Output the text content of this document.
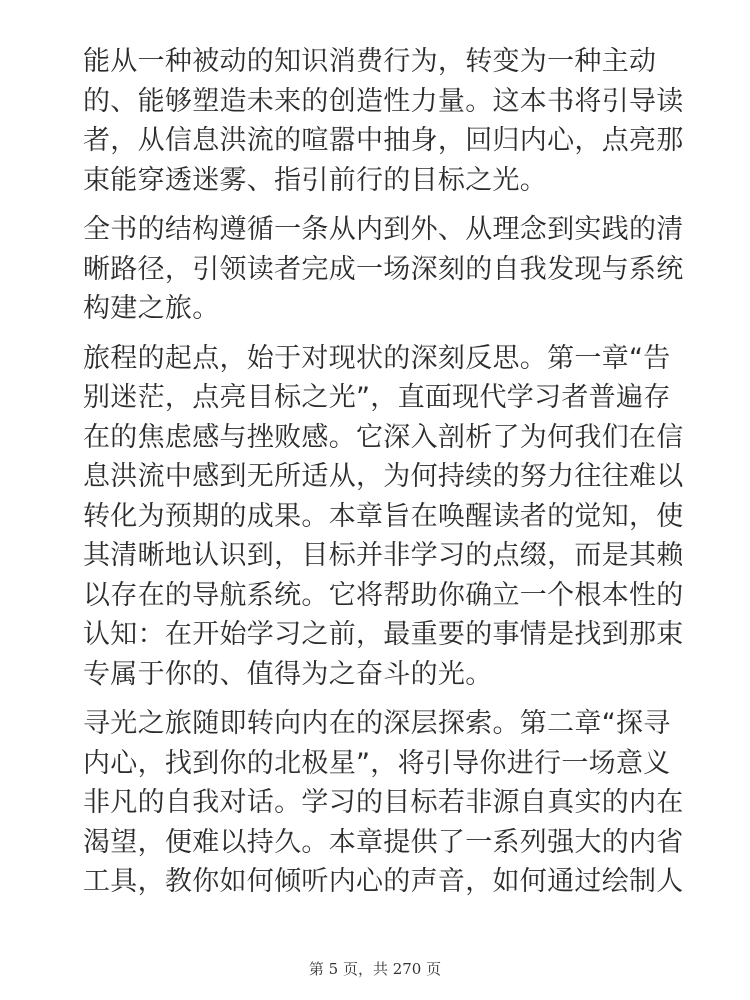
能从一种被动的知识消费行为，转变为一种主动
的、能够塑造未来的创造性力量。这本书将引导读
者，从信息洪流的喧嚣中抽身，回归内心，点亮那
束能穿透迷雾、指引前行的目标之光。

全书的结构遵循一条从内到外、从理念到实践的清
晰路径，引领读者完成一场深刻的自我发现与系统
构建之旅。

旅程的起点，始于对现状的深刻反思。第一章“告
别迷茫，点亮目标之光”，直面现代学习者普遍存
在的焦虑感与挫败感。它深入剖析了为何我们在信
息洪流中感到无所适从，为何持续的努力往往难以
转化为预期的成果。本章旨在唤醒读者的觉知，使
其清晰地认识到，目标并非学习的点缀，而是其赖
以存在的导航系统。它将帮助你确立一个根本性的
认知：在开始学习之前，最重要的事情是找到那束
专属于你的、值得为之奋斗的光。

寻光之旅随即转向内在的深层探索。第二章“探寻
内心，找到你的北极星”，将引导你进行一场意义
非凡的自我对话。学习的目标若非源自真实的内在
渴望，便难以持久。本章提供了一系列强大的内省
工具，教你如何倾听内心的声音，如何通过绘制人

第 5 页，共 270 页
